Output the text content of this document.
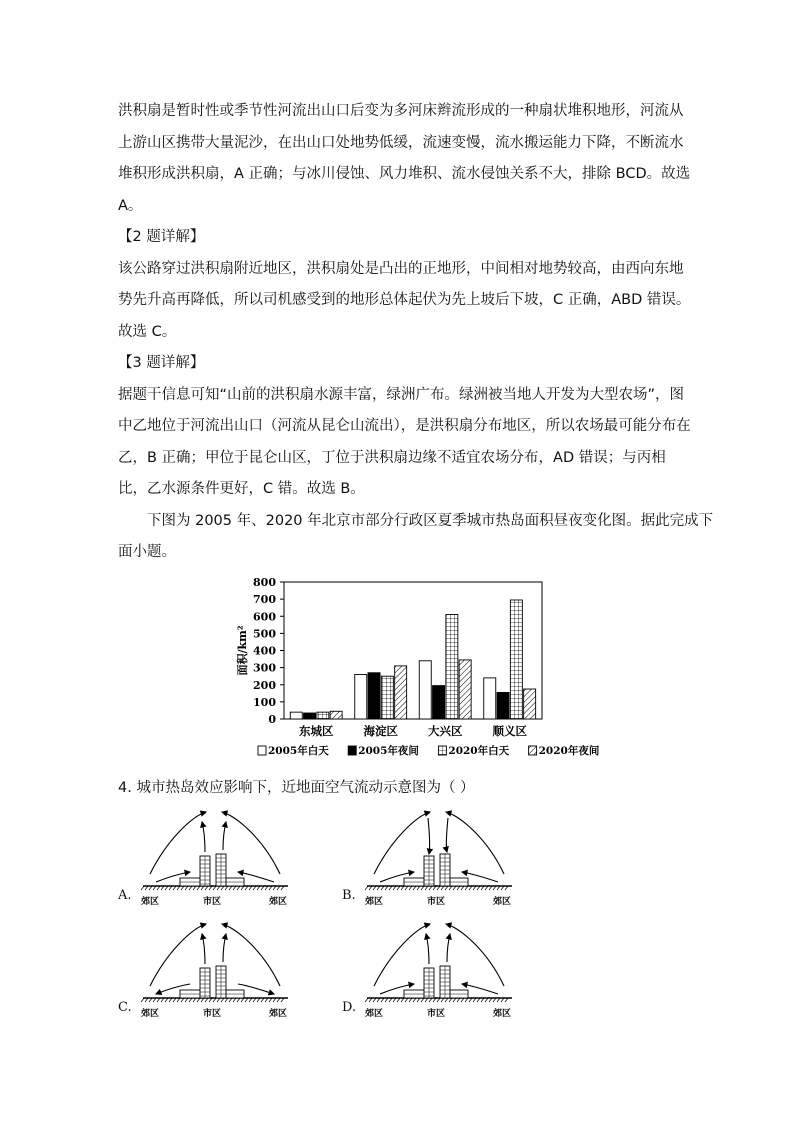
洪积扇是暂时性或季节性河流出山口后变为多河床辫流形成的一种扇状堆积地形，河流从
上游山区携带大量泥沙，在出山口处地势低缓，流速变慢，流水搬运能力下降，不断流水
堆积形成洪积扇，A 正确；与冰川侵蚀、风力堆积、流水侵蚀关系不大，排除 BCD。故选
A。
【2 题详解】
该公路穿过洪积扇附近地区，洪积扇处是凸出的正地形，中间相对地势较高，由西向东地
势先升高再降低，所以司机感受到的地形总体起伏为先上坡后下坡，C 正确，ABD 错误。
故选 C。
【3 题详解】
据题干信息可知“山前的洪积扇水源丰富，绿洲广布。绿洲被当地人开发为大型农场”，图
中乙地位于河流出山口（河流从昆仑山流出），是洪积扇分布地区，所以农场最可能分布在
乙，B 正确；甲位于昆仑山区，丁位于洪积扇边缘不适宜农场分布，AD 错误；与丙相
比，乙水源条件更好，C 错。故选 B。
下图为 2005 年、2020 年北京市部分行政区夏季城市热岛面积昼夜变化图。据此完成下
面小题。
0
100
200
300
400
500
600
700
800
面积/km²
东城区	海淀区	大兴区	顺义区
2005年白天	2005年夜间	2020年白天	2020年夜间
4. 城市热岛效应影响下，近地面空气流动示意图为（ ）
A. 郊区	市区	郊区	B. 郊区	市区	郊区
C. 郊区	市区	郊区	D. 郊区	市区	郊区
